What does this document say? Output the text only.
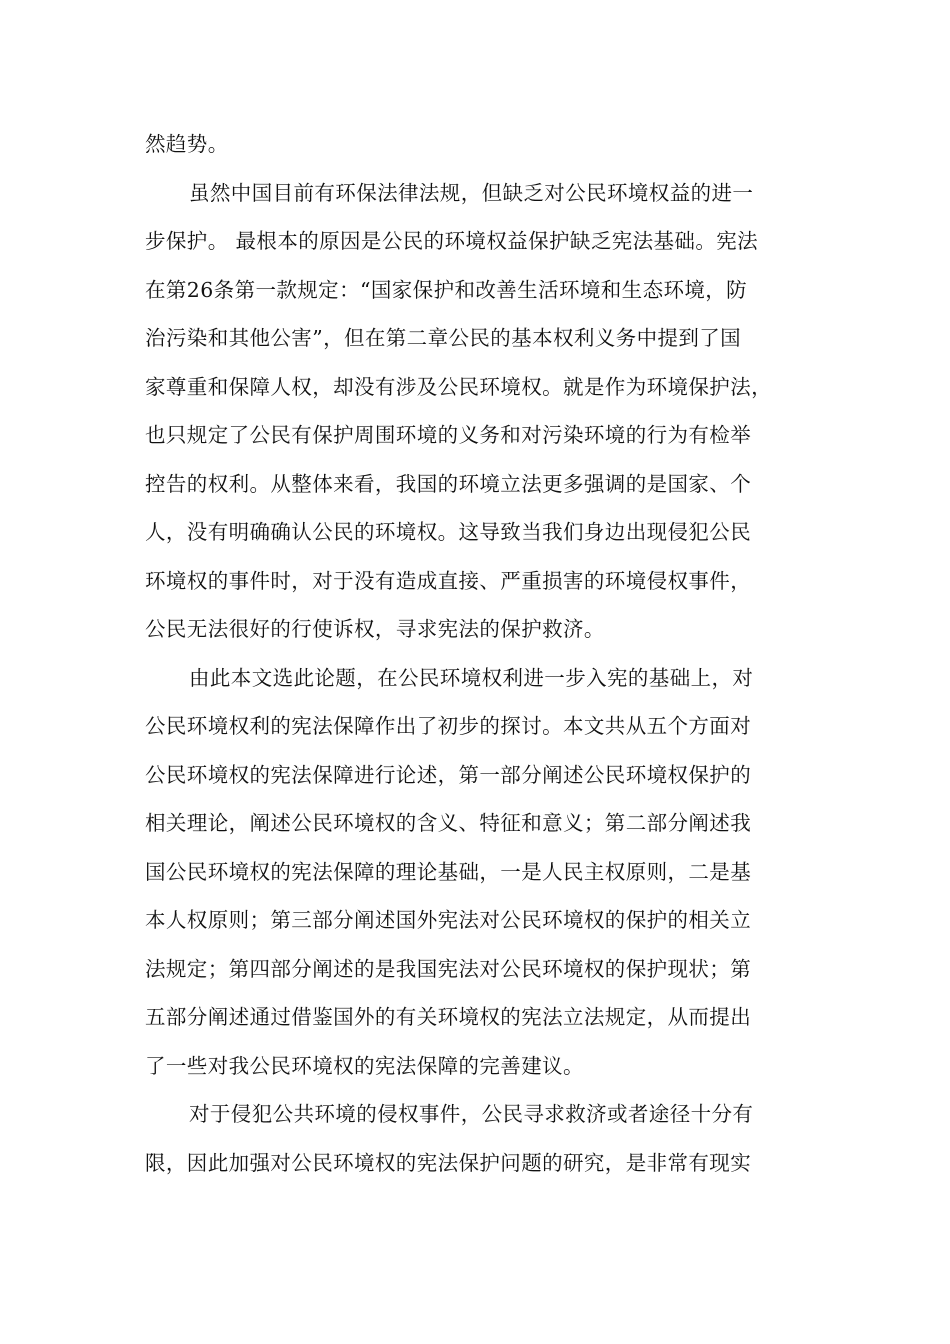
然趋势。
虽然中国目前有环保法律法规，但缺乏对公民环境权益的进一
步保护。 最根本的原因是公民的环境权益保护缺乏宪法基础。宪法
在第26条第一款规定：“国家保护和改善生活环境和生态环境，防
治污染和其他公害”，但在第二章公民的基本权利义务中提到了国
家尊重和保障人权，却没有涉及公民环境权。就是作为环境保护法，
也只规定了公民有保护周围环境的义务和对污染环境的行为有检举
控告的权利。从整体来看，我国的环境立法更多强调的是国家、个
人，没有明确确认公民的环境权。这导致当我们身边出现侵犯公民
环境权的事件时，对于没有造成直接、严重损害的环境侵权事件，
公民无法很好的行使诉权，寻求宪法的保护救济。
由此本文选此论题，在公民环境权利进一步入宪的基础上，对
公民环境权利的宪法保障作出了初步的探讨。本文共从五个方面对
公民环境权的宪法保障进行论述，第一部分阐述公民环境权保护的
相关理论，阐述公民环境权的含义、特征和意义；第二部分阐述我
国公民环境权的宪法保障的理论基础，一是人民主权原则，二是基
本人权原则；第三部分阐述国外宪法对公民环境权的保护的相关立
法规定；第四部分阐述的是我国宪法对公民环境权的保护现状；第
五部分阐述通过借鉴国外的有关环境权的宪法立法规定，从而提出
了一些对我公民环境权的宪法保障的完善建议。
对于侵犯公共环境的侵权事件，公民寻求救济或者途径十分有
限，因此加强对公民环境权的宪法保护问题的研究，是非常有现实
